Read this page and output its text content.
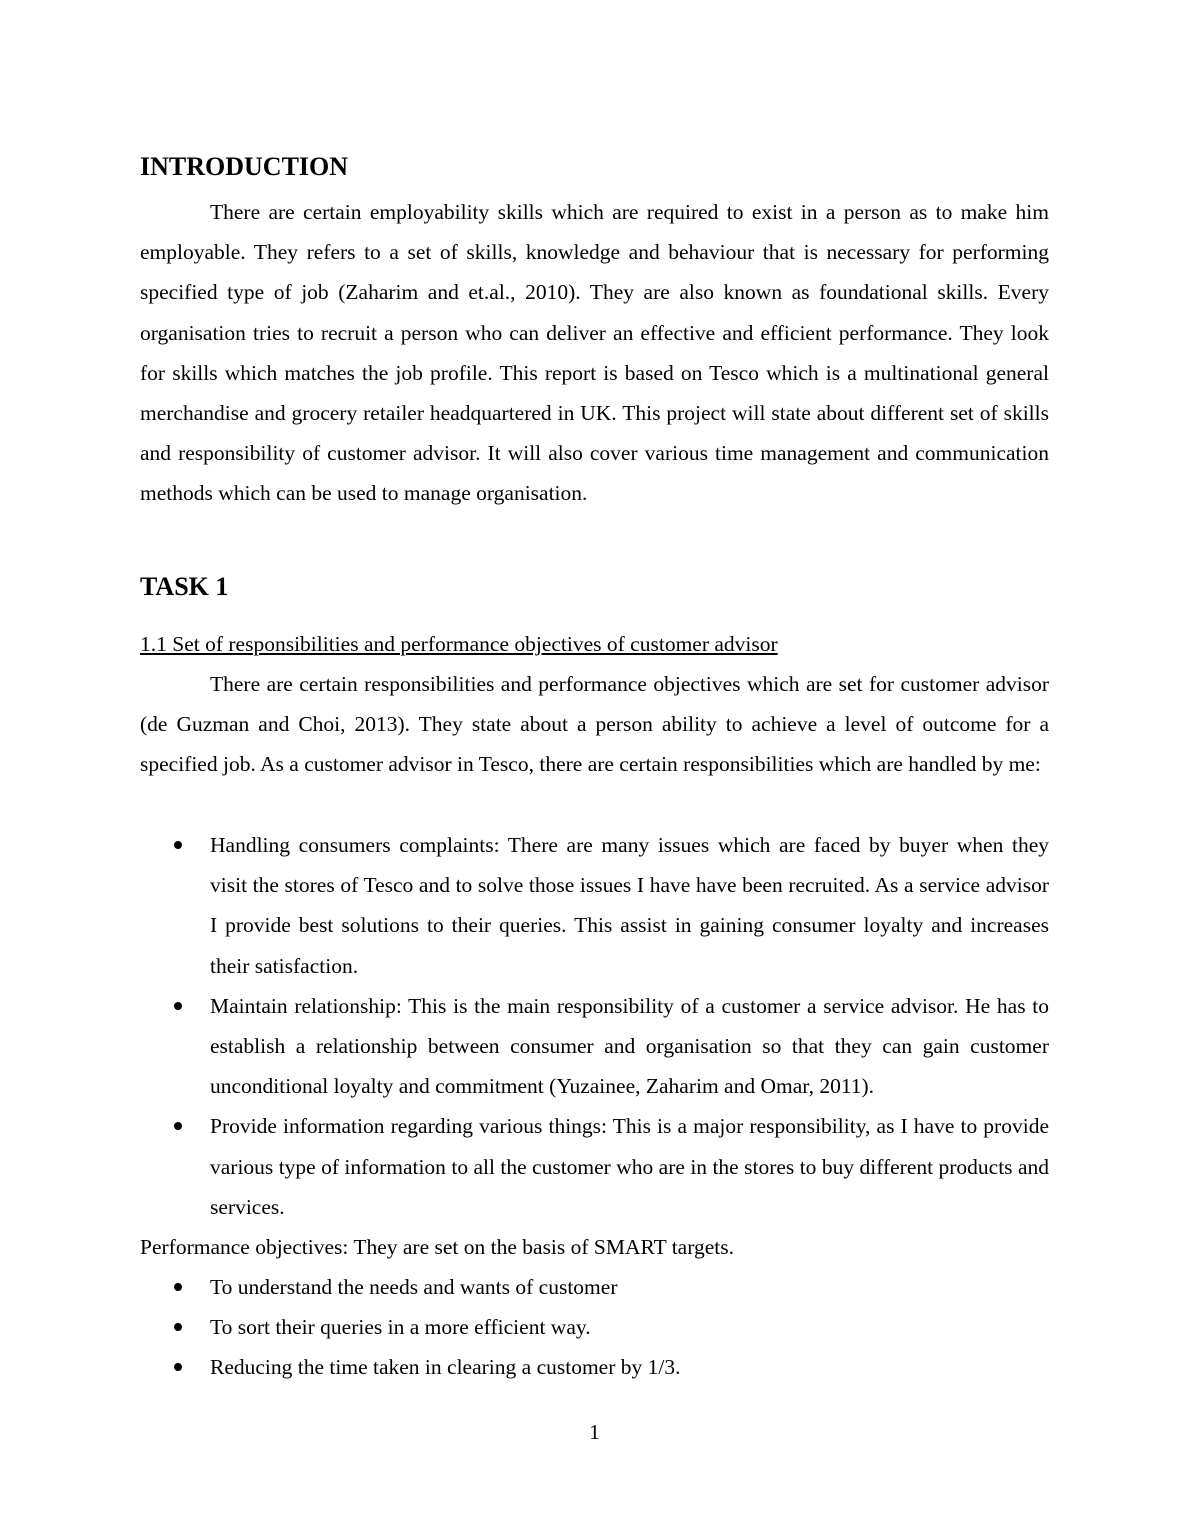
INTRODUCTION

There are certain employability skills which are required to exist in a person as to make him employable. They refers to a set of skills, knowledge and behaviour that is necessary for performing specified type of job (Zaharim and et.al., 2010). They are also known as foundational skills. Every organisation tries to recruit a person who can deliver an effective and efficient performance. They look for skills which matches the job profile. This report is based on Tesco which is a multinational general merchandise and grocery retailer headquartered in UK. This project will state about different set of skills and responsibility of customer advisor. It will also cover various time management and communication methods which can be used to manage organisation.

TASK 1

1.1 Set of responsibilities and performance objectives of customer advisor

There are certain responsibilities and performance objectives which are set for customer advisor (de Guzman and Choi, 2013). They state about a person ability to achieve a level of outcome for a specified job. As a customer advisor in Tesco, there are certain responsibilities which are handled by me:

Handling consumers complaints: There are many issues which are faced by buyer when they visit the stores of Tesco and to solve those issues I have have been recruited. As a service advisor I provide best solutions to their queries. This assist in gaining consumer loyalty and increases their satisfaction.
Maintain relationship: This is the main responsibility of a customer a service advisor. He has to establish a relationship between consumer and organisation so that they can gain customer unconditional loyalty and commitment (Yuzainee, Zaharim and Omar, 2011).
Provide information regarding various things: This is a major responsibility, as I have to provide various type of information to all the customer who are in the stores to buy different products and services.

Performance objectives: They are set on the basis of SMART targets.

To understand the needs and wants of customer
To sort their queries in a more efficient way.
Reducing the time taken in clearing a customer by 1/3.

1
